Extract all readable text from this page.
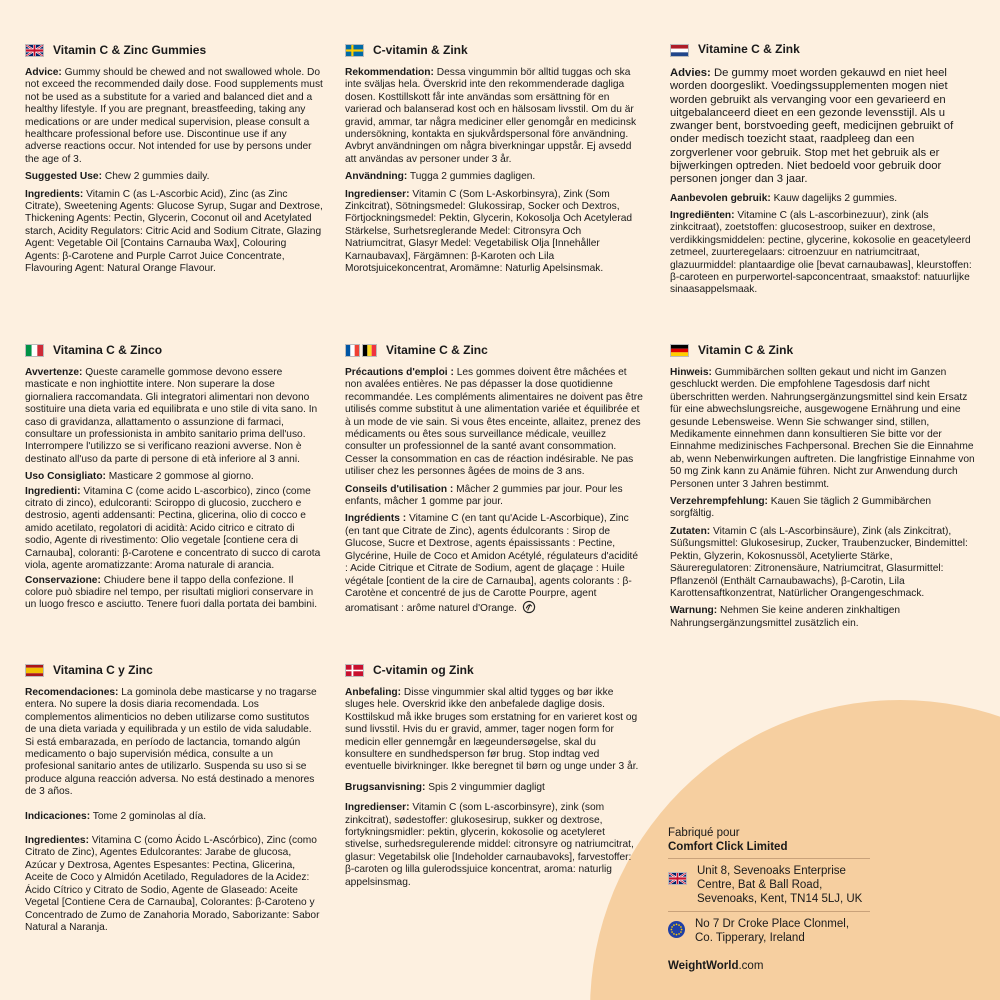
Vitamin C & Zinc Gummies

Advice: Gummy should be chewed and not swallowed whole. Do not exceed the recommended daily dose. Food supplements must not be used as a substitute for a varied and balanced diet and a healthy lifestyle. If you are pregnant, breastfeeding, taking any medications or are under medical supervision, please consult a healthcare professional before use. Discontinue use if any adverse reactions occur. Not intended for use by persons under the age of 3.

Suggested Use: Chew 2 gummies daily.

Ingredients: Vitamin C (as L-Ascorbic Acid), Zinc (as Zinc Citrate), Sweetening Agents: Glucose Syrup, Sugar and Dextrose, Thickening Agents: Pectin, Glycerin, Coconut oil and Acetylated starch, Acidity Regulators: Citric Acid and Sodium Citrate, Glazing Agent: Vegetable Oil [Contains Carnauba Wax], Colouring Agents: β-Carotene and Purple Carrot Juice Concentrate, Flavouring Agent: Natural Orange Flavour.

C-vitamin & Zink

Rekommendation: Dessa vingummin bör alltid tuggas och ska inte sväljas hela. Överskrid inte den rekommenderade dagliga dosen. Kosttillskott får inte användas som ersättning för en varierad och balanserad kost och en hälsosam livsstil. Om du är gravid, ammar, tar några mediciner eller genomgår en medicinsk undersökning, kontakta en sjukvårdspersonal före användning. Avbryt användningen om några biverkningar uppstår. Ej avsedd att användas av personer under 3 år.

Användning: Tugga 2 gummies dagligen.

Ingredienser: Vitamin C (Som L-Askorbinsyra), Zink (Som Zinkcitrat), Sötningsmedel: Glukossirap, Socker och Dextros, Förtjockningsmedel: Pektin, Glycerin, Kokosolja Och Acetylerad Stärkelse, Surhetsreglerande Medel: Citronsyra Och Natriumcitrat, Glasyr Medel: Vegetabilisk Olja [Innehåller Karnaubavax], Färgämnen: β-Karoten och Lila Morotsjuicekoncentrat, Aromämne: Naturlig Apelsinsmak.

Vitamine C & Zink

Advies: De gummy moet worden gekauwd en niet heel worden doorgeslikt. Voedingssupplementen mogen niet worden gebruikt als vervanging voor een gevarieerd en uitgebalanceerd dieet en een gezonde levensstijl. Als u zwanger bent, borstvoeding geeft, medicijnen gebruikt of onder medisch toezicht staat, raadpleeg dan een zorgverlener voor gebruik. Stop met het gebruik als er bijwerkingen optreden. Niet bedoeld voor gebruik door personen jonger dan 3 jaar.

Aanbevolen gebruik: Kauw dagelijks 2 gummies.

Ingrediënten: Vitamine C (als L-ascorbinezuur), zink (als zinkcitraat), zoetstoffen: glucosestroop, suiker en dextrose, verdikkingsmiddelen: pectine, glycerine, kokosolie en geacetyleerd zetmeel, zuurteregelaars: citroenzuur en natriumcitraat, glazuurmiddel: plantaardige olie [bevat carnaubawas], kleurstoffen: β-caroteen en purperwortel-sapconcentraat, smaakstof: natuurlijke sinaasappelsmaak.

Vitamina C & Zinco

Avvertenze: Queste caramelle gommose devono essere masticate e non inghiottite intere. Non superare la dose giornaliera raccomandata. Gli integratori alimentari non devono sostituire una dieta varia ed equilibrata e uno stile di vita sano. In caso di gravidanza, allattamento o assunzione di farmaci, consultare un professionista in ambito sanitario prima dell'uso. Interrompere l'utilizzo se si verificano reazioni avverse. Non è destinato all'uso da parte di persone di età inferiore al 3 anni.

Uso Consigliato: Masticare 2 gommose al giorno.

Ingredienti: Vitamina C (come acido L-ascorbico), zinco (come citrato di zinco), edulcoranti: Sciroppo di glucosio, zucchero e destrosio, agenti addensanti: Pectina, glicerina, olio di cocco e amido acetilato, regolatori di acidità: Acido citrico e citrato di sodio, Agente di rivestimento: Olio vegetale [contiene cera di Carnauba], coloranti: β-Carotene e concentrato di succo di carota viola, agente aromatizzante: Aroma naturale di arancia.

Conservazione: Chiudere bene il tappo della confezione. Il colore può sbiadire nel tempo, per risultati migliori conservare in un luogo fresco e asciutto. Tenere fuori dalla portata dei bambini.

Vitamine C & Zinc

Précautions d'emploi : Les gommes doivent être mâchées et non avalées entières. Ne pas dépasser la dose quotidienne recommandée. Les compléments alimentaires ne doivent pas être utilisés comme substitut à une alimentation variée et équilibrée et à un mode de vie sain. Si vous êtes enceinte, allaitez, prenez des médicaments ou êtes sous surveillance médicale, veuillez consulter un professionnel de la santé avant consommation. Cesser la consommation en cas de réaction indésirable. Ne pas utiliser chez les personnes âgées de moins de 3 ans.

Conseils d'utilisation : Mâcher 2 gummies par jour. Pour les enfants, mâcher 1 gomme par jour.

Ingrédients : Vitamine C (en tant qu'Acide L-Ascorbique), Zinc (en tant que Citrate de Zinc), agents édulcorants : Sirop de Glucose, Sucre et Dextrose, agents épaississants : Pectine, Glycérine, Huile de Coco et Amidon Acétylé, régulateurs d'acidité : Acide Citrique et Citrate de Sodium, agent de glaçage : Huile végétale [contient de la cire de Carnauba], agents colorants : β-Carotène et concentré de jus de Carotte Pourpre, agent aromatisant : arôme naturel d'Orange.

Vitamin C & Zink

Hinweis: Gummibärchen sollten gekaut und nicht im Ganzen geschluckt werden. Die empfohlene Tagesdosis darf nicht überschritten werden. Nahrungsergänzungsmittel sind kein Ersatz für eine abwechslungsreiche, ausgewogene Ernährung und eine gesunde Lebensweise. Wenn Sie schwanger sind, stillen, Medikamente einnehmen dann konsultieren Sie bitte vor der Einnahme medizinisches Fachpersonal. Brechen Sie die Einnahme ab, wenn Nebenwirkungen auftreten. Die langfristige Einnahme von 50 mg Zink kann zu Anämie führen. Nicht zur Anwendung durch Personen unter 3 Jahren bestimmt.

Verzehrempfehlung: Kauen Sie täglich 2 Gummibärchen sorgfältig.

Zutaten: Vitamin C (als L-Ascorbinsäure), Zink (als Zinkcitrat), Süßungsmittel: Glukosesirup, Zucker, Traubenzucker, Bindemittel: Pektin, Glyzerin, Kokosnussöl, Acetylierte Stärke, Säureregulatoren: Zitronensäure, Natriumcitrat, Glasurmittel: Pflanzenöl (Enthält Carnaubawachs), β-Carotin, Lila Karottensaftkonzentrat, Natürlicher Orangengeschmack.

Warnung: Nehmen Sie keine anderen zinkhaltigen Nahrungsergänzungsmittel zusätzlich ein.

Vitamina C y Zinc

Recomendaciones: La gominola debe masticarse y no tragarse entera. No supere la dosis diaria recomendada. Los complementos alimenticios no deben utilizarse como sustitutos de una dieta variada y equilibrada y un estilo de vida saludable. Si está embarazada, en período de lactancia, tomando algún medicamento o bajo supervisión médica, consulte a un profesional sanitario antes de utilizarlo. Suspenda su uso si se produce alguna reacción adversa. No está destinado a menores de 3 años.

Indicaciones: Tome 2 gominolas al día.

Ingredientes: Vitamina C (como Ácido L-Ascórbico), Zinc (como Citrato de Zinc), Agentes Edulcorantes: Jarabe de glucosa, Azúcar y Dextrosa, Agentes Espesantes: Pectina, Glicerina, Aceite de Coco y Almidón Acetilado, Reguladores de la Acidez: Ácido Cítrico y Citrato de Sodio, Agente de Glaseado: Aceite Vegetal [Contiene Cera de Carnauba], Colorantes: β-Caroteno y Concentrado de Zumo de Zanahoria Morado, Saborizante: Sabor Natural a Naranja.

C-vitamin og Zink

Anbefaling: Disse vingummier skal altid tygges og bør ikke sluges hele. Overskrid ikke den anbefalede daglige dosis. Kosttilskud må ikke bruges som erstatning for en varieret kost og sund livsstil. Hvis du er gravid, ammer, tager nogen form for medicin eller gennemgår en lægeundersøgelse, skal du konsultere en sundhedsperson før brug. Stop indtag ved eventuelle bivirkninger. Ikke beregnet til børn og unge under 3 år.

Brugsanvisning: Spis 2 vingummier dagligt

Ingredienser: Vitamin C (som L-ascorbinsyre), zink (som zinkcitrat), sødestoffer: glukosesirup, sukker og dextrose, fortykningsmidler: pektin, glycerin, kokosolie og acetyleret stivelse, surhedsregulerende middel: citronsyre og natriumcitrat, glasur: Vegetabilsk olie [Indeholder carnaubavoks], farvestoffer: β-caroten og lilla gulerodssjuice koncentrat, aroma: naturlig appelsinsmag.

Fabriqué pour
Comfort Click Limited
Unit 8, Sevenoaks Enterprise Centre, Bat & Ball Road, Sevenoaks, Kent, TN14 5LJ, UK
No 7 Dr Croke Place Clonmel, Co. Tipperary, Ireland
WeightWorld.com
